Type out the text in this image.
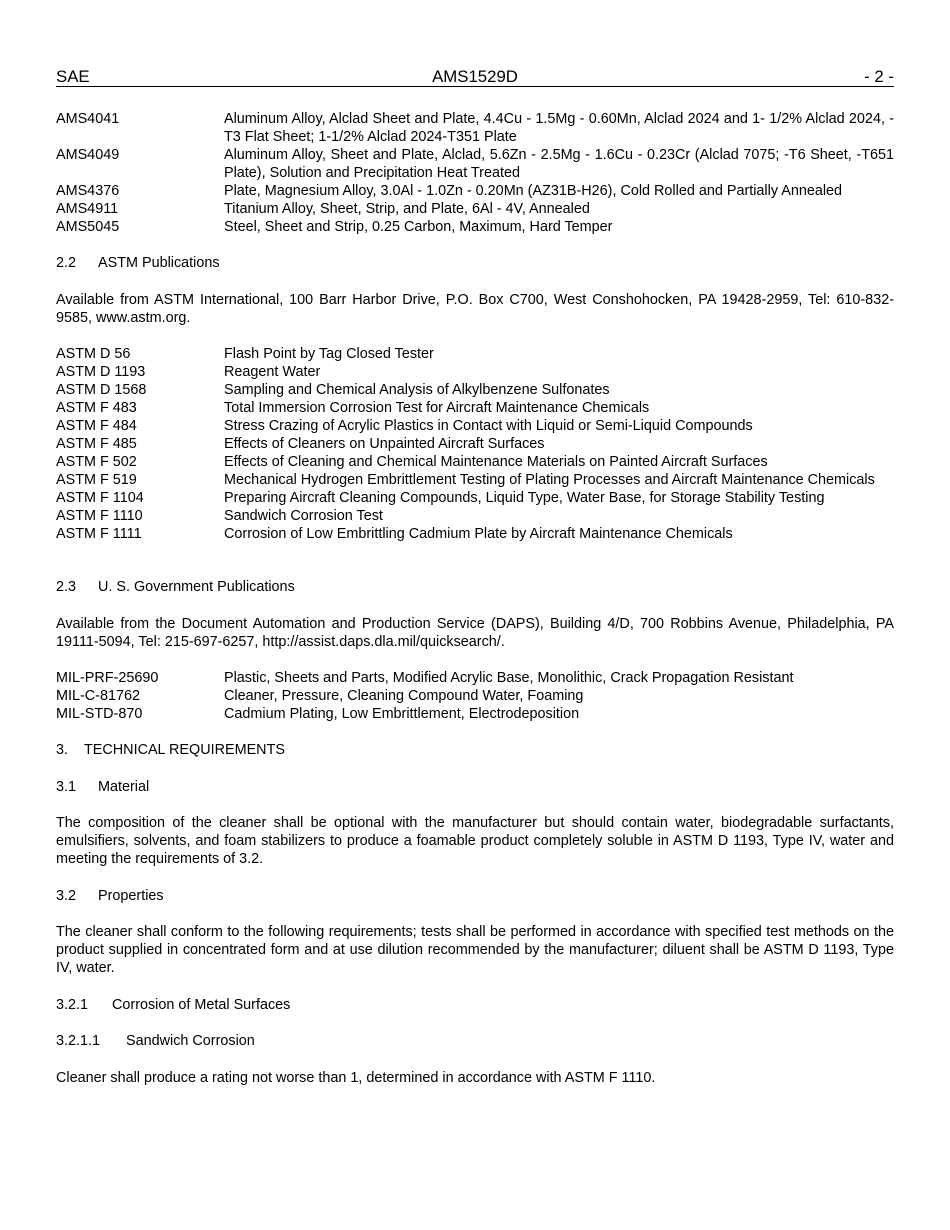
SAE	AMS1529D	- 2 -
AMS4041	Aluminum Alloy, Alclad Sheet and Plate, 4.4Cu - 1.5Mg - 0.60Mn, Alclad 2024 and 1- 1/2% Alclad 2024, -T3 Flat Sheet; 1-1/2% Alclad 2024-T351 Plate
AMS4049	Aluminum Alloy, Sheet and Plate, Alclad, 5.6Zn - 2.5Mg - 1.6Cu - 0.23Cr (Alclad 7075; -T6 Sheet, -T651 Plate), Solution and Precipitation Heat Treated
AMS4376	Plate, Magnesium Alloy, 3.0Al - 1.0Zn - 0.20Mn (AZ31B-H26), Cold Rolled and Partially Annealed
AMS4911	Titanium Alloy, Sheet, Strip, and Plate, 6Al - 4V, Annealed
AMS5045	Steel, Sheet and Strip, 0.25 Carbon, Maximum, Hard Temper
2.2 ASTM Publications
Available from ASTM International, 100 Barr Harbor Drive, P.O. Box C700, West Conshohocken, PA 19428-2959, Tel: 610-832-9585, www.astm.org.
ASTM D 56	Flash Point by Tag Closed Tester
ASTM D 1193	Reagent Water
ASTM D 1568	Sampling and Chemical Analysis of Alkylbenzene Sulfonates
ASTM F 483	Total Immersion Corrosion Test for Aircraft Maintenance Chemicals
ASTM F 484	Stress Crazing of Acrylic Plastics in Contact with Liquid or Semi-Liquid Compounds
ASTM F 485	Effects of Cleaners on Unpainted Aircraft Surfaces
ASTM F 502	Effects of Cleaning and Chemical Maintenance Materials on Painted Aircraft Surfaces
ASTM F 519	Mechanical Hydrogen Embrittlement Testing of Plating Processes and Aircraft Maintenance Chemicals
ASTM F 1104	Preparing Aircraft Cleaning Compounds, Liquid Type, Water Base, for Storage Stability Testing
ASTM F 1110	Sandwich Corrosion Test
ASTM F 1111	Corrosion of Low Embrittling Cadmium Plate by Aircraft Maintenance Chemicals
2.3 U. S. Government Publications
Available from the Document Automation and Production Service (DAPS), Building 4/D, 700 Robbins Avenue, Philadelphia, PA 19111-5094, Tel: 215-697-6257, http://assist.daps.dla.mil/quicksearch/.
MIL-PRF-25690	Plastic, Sheets and Parts, Modified Acrylic Base, Monolithic, Crack Propagation Resistant
MIL-C-81762	Cleaner, Pressure, Cleaning Compound Water, Foaming
MIL-STD-870	Cadmium Plating, Low Embrittlement, Electrodeposition
3. TECHNICAL REQUIREMENTS
3.1 Material
The composition of the cleaner shall be optional with the manufacturer but should contain water, biodegradable surfactants, emulsifiers, solvents, and foam stabilizers to produce a foamable product completely soluble in ASTM D 1193, Type IV, water and meeting the requirements of 3.2.
3.2 Properties
The cleaner shall conform to the following requirements; tests shall be performed in accordance with specified test methods on the product supplied in concentrated form and at use dilution recommended by the manufacturer; diluent shall be ASTM D 1193, Type IV, water.
3.2.1 Corrosion of Metal Surfaces
3.2.1.1 Sandwich Corrosion
Cleaner shall produce a rating not worse than 1, determined in accordance with ASTM F 1110.
